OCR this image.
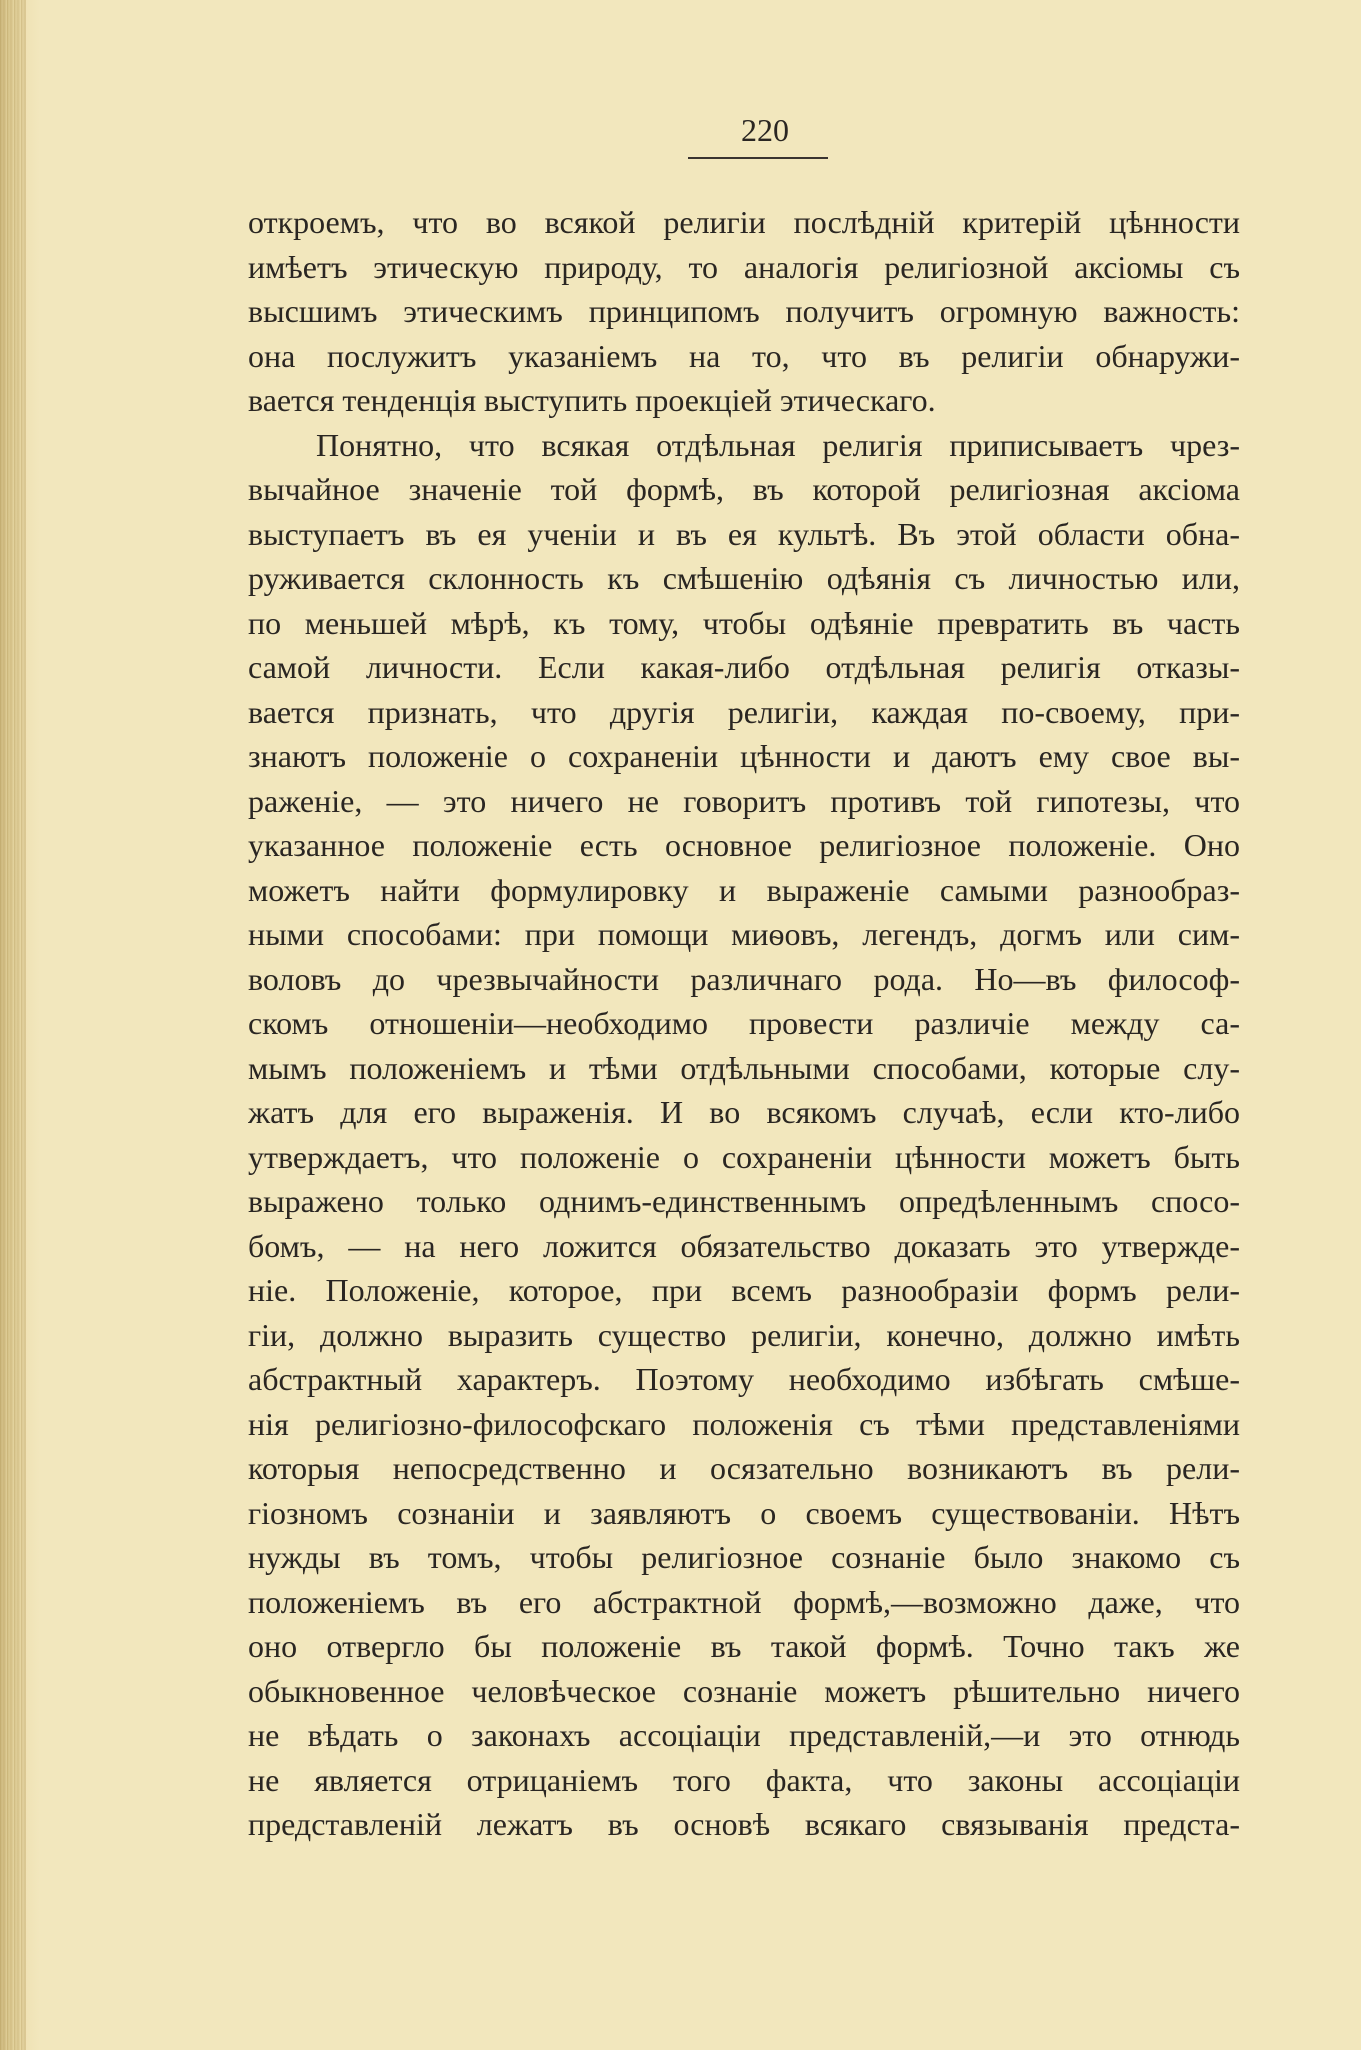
220
откроемъ, что во всякой религіи послѣдній критерій цѣнности
имѣетъ этическую природу, то аналогія религіозной аксіомы съ
высшимъ этическимъ принципомъ получитъ огромную важность:
она послужитъ указаніемъ на то, что въ религіи обнаружи-
вается тенденція выступить проекціей этическаго.
Понятно, что всякая отдѣльная религія приписываетъ чрез-
вычайное значеніе той формѣ, въ которой религіозная аксіома
выступаетъ въ ея ученіи и въ ея культѣ. Въ этой области обна-
руживается склонность къ смѣшенію одѣянія съ личностью или,
по меньшей мѣрѣ, къ тому, чтобы одѣяніе превратить въ часть
самой личности. Если какая-либо отдѣльная религія отказы-
вается признать, что другія религіи, каждая по-своему, при-
знаютъ положеніе о сохраненіи цѣнности и даютъ ему свое вы-
раженіе, — это ничего не говоритъ противъ той гипотезы, что
указанное положеніе есть основное религіозное положеніе. Оно
можетъ найти формулировку и выраженіе самыми разнообраз-
ными способами: при помощи миѳовъ, легендъ, догмъ или сим-
воловъ до чрезвычайности различнаго рода. Но—въ философ-
скомъ отношеніи—необходимо провести различіе между са-
мымъ положеніемъ и тѣми отдѣльными способами, которые слу-
жатъ для его выраженія. И во всякомъ случаѣ, если кто-либо
утверждаетъ, что положеніе о сохраненіи цѣнности можетъ быть
выражено только однимъ-единственнымъ опредѣленнымъ спосо-
бомъ, — на него ложится обязательство доказать это утвержде-
ніе. Положеніе, которое, при всемъ разнообразіи формъ рели-
гіи, должно выразить существо религіи, конечно, должно имѣть
абстрактный характеръ. Поэтому необходимо избѣгать смѣше-
нія религіозно-философскаго положенія съ тѣми представленіями
которыя непосредственно и осязательно возникаютъ въ рели-
гіозномъ сознаніи и заявляютъ о своемъ существованіи. Нѣтъ
нужды въ томъ, чтобы религіозное сознаніе было знакомо съ
положеніемъ въ его абстрактной формѣ,—возможно даже, что
оно отвергло бы положеніе въ такой формѣ. Точно такъ же
обыкновенное человѣческое сознаніе можетъ рѣшительно ничего
не вѣдать о законахъ ассоціаціи представленій,—и это отнюдь
не является отрицаніемъ того факта, что законы ассоціаціи
представленій лежатъ въ основѣ всякаго связыванія предста-
